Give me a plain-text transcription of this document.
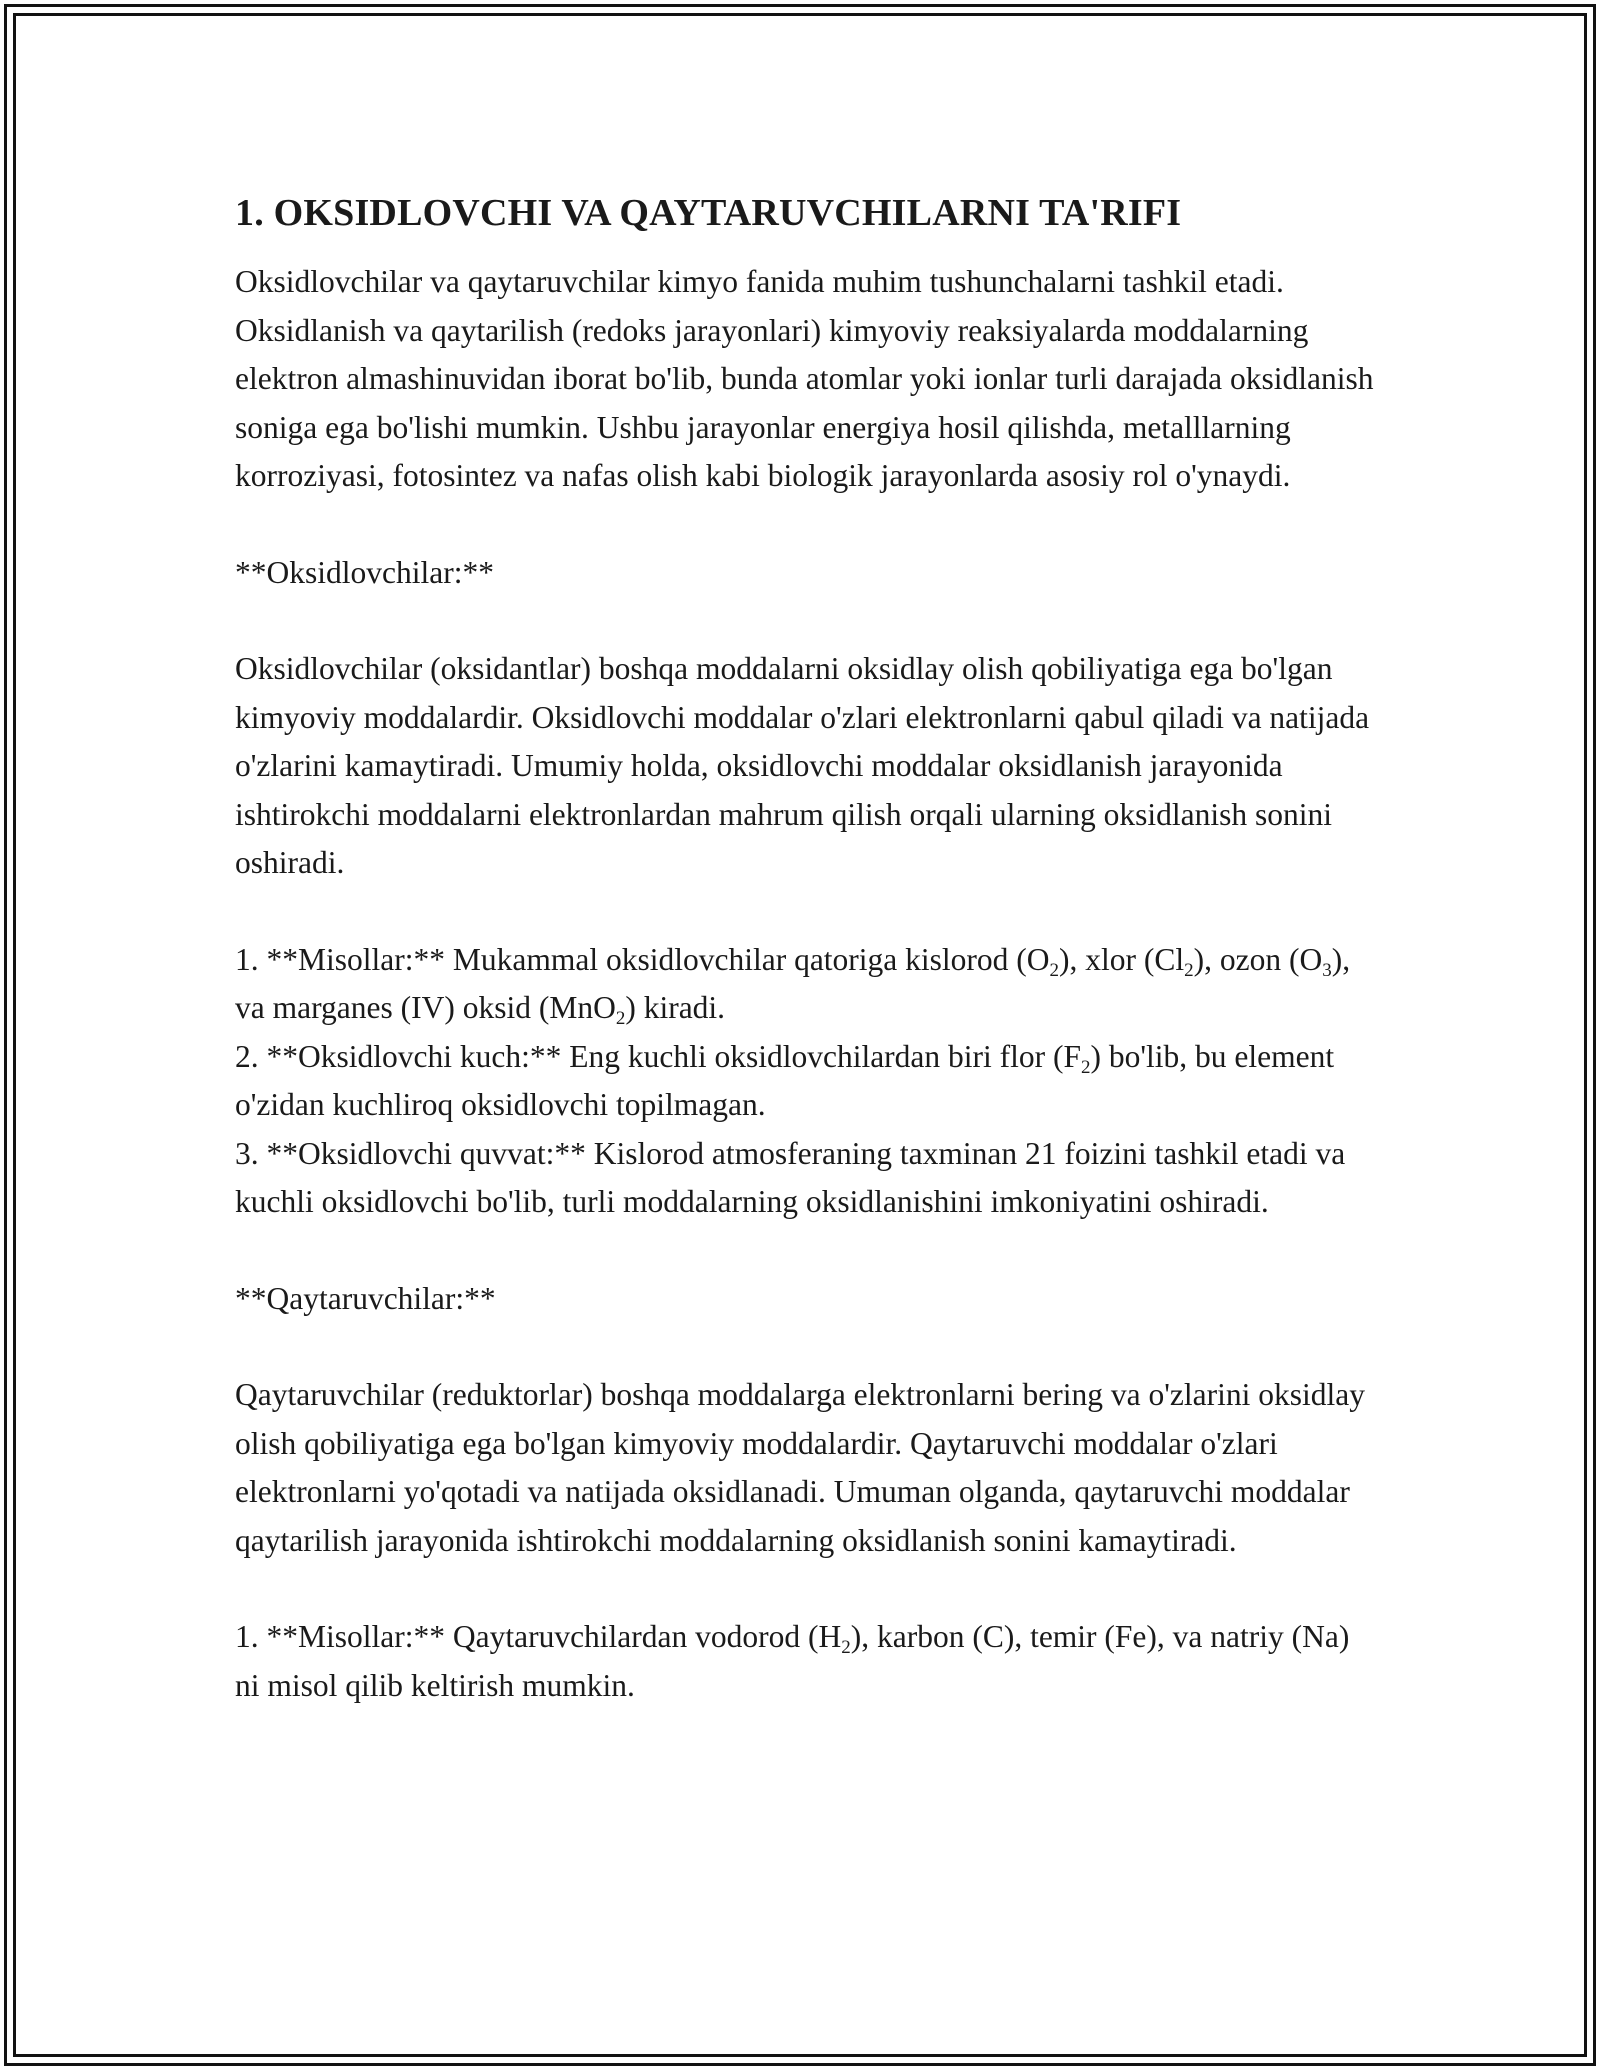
1. OKSIDLOVCHI VA QAYTARUVCHILARNI TA'RIFI

Oksidlovchilar va qaytaruvchilar kimyo fanida muhim tushunchalarni tashkil etadi. Oksidlanish va qaytarilish (redoks jarayonlari) kimyoviy reaksiyalarda moddalarning elektron almashinuvidan iborat bo'lib, bunda atomlar yoki ionlar turli darajada oksidlanish soniga ega bo'lishi mumkin. Ushbu jarayonlar energiya hosil qilishda, metalllarning korroziyasi, fotosintez va nafas olish kabi biologik jarayonlarda asosiy rol o'ynaydi.

**Oksidlovchilar:**

Oksidlovchilar (oksidantlar) boshqa moddalarni oksidlay olish qobiliyatiga ega bo'lgan kimyoviy moddalardir. Oksidlovchi moddalar o'zlari elektronlarni qabul qiladi va natijada o'zlarini kamaytiradi. Umumiy holda, oksidlovchi moddalar oksidlanish jarayonida ishtirokchi moddalarni elektronlardan mahrum qilish orqali ularning oksidlanish sonini oshiradi.

1. **Misollar:** Mukammal oksidlovchilar qatoriga kislorod $(O_2)$, xlor $(Cl_2)$, ozon $(O_3)$, va marganes (IV) oksid (MnO$_2$) kiradi.

2. **Oksidlovchi kuch:** Eng kuchli oksidlovchilardan biri flor $(F_2)$ bo'lib, bu element o'zidan kuchliroq oksidlovchi topilmagan.

3. **Oksidlovchi quvvat:** Kislorod atmosferaning taxminan 21 foizini tashkil etadi va kuchli oksidlovchi bo'lib, turli moddalarning oksidlanishini imkoniyatini oshiradi.

**Qaytaruvchilar:**

Qaytaruvchilar (reduktorlar) boshqa moddalarga elektronlarni bering va o'zlarini oksidlay olish qobiliyatiga ega bo'lgan kimyoviy moddalardir. Qaytaruvchi moddalar o'zlari elektronlarni yo'qotadi va natijada oksidlanadi. Umuman olganda, qaytaruvchi moddalar qaytarilish jarayonida ishtirokchi moddalarning oksidlanish sonini kamaytiradi.

1. **Misollar:** Qaytaruvchilardan vodorod $(H_2)$, karbon (C), temir (Fe), va natriy (Na) ni misol qilib keltirish mumkin.
